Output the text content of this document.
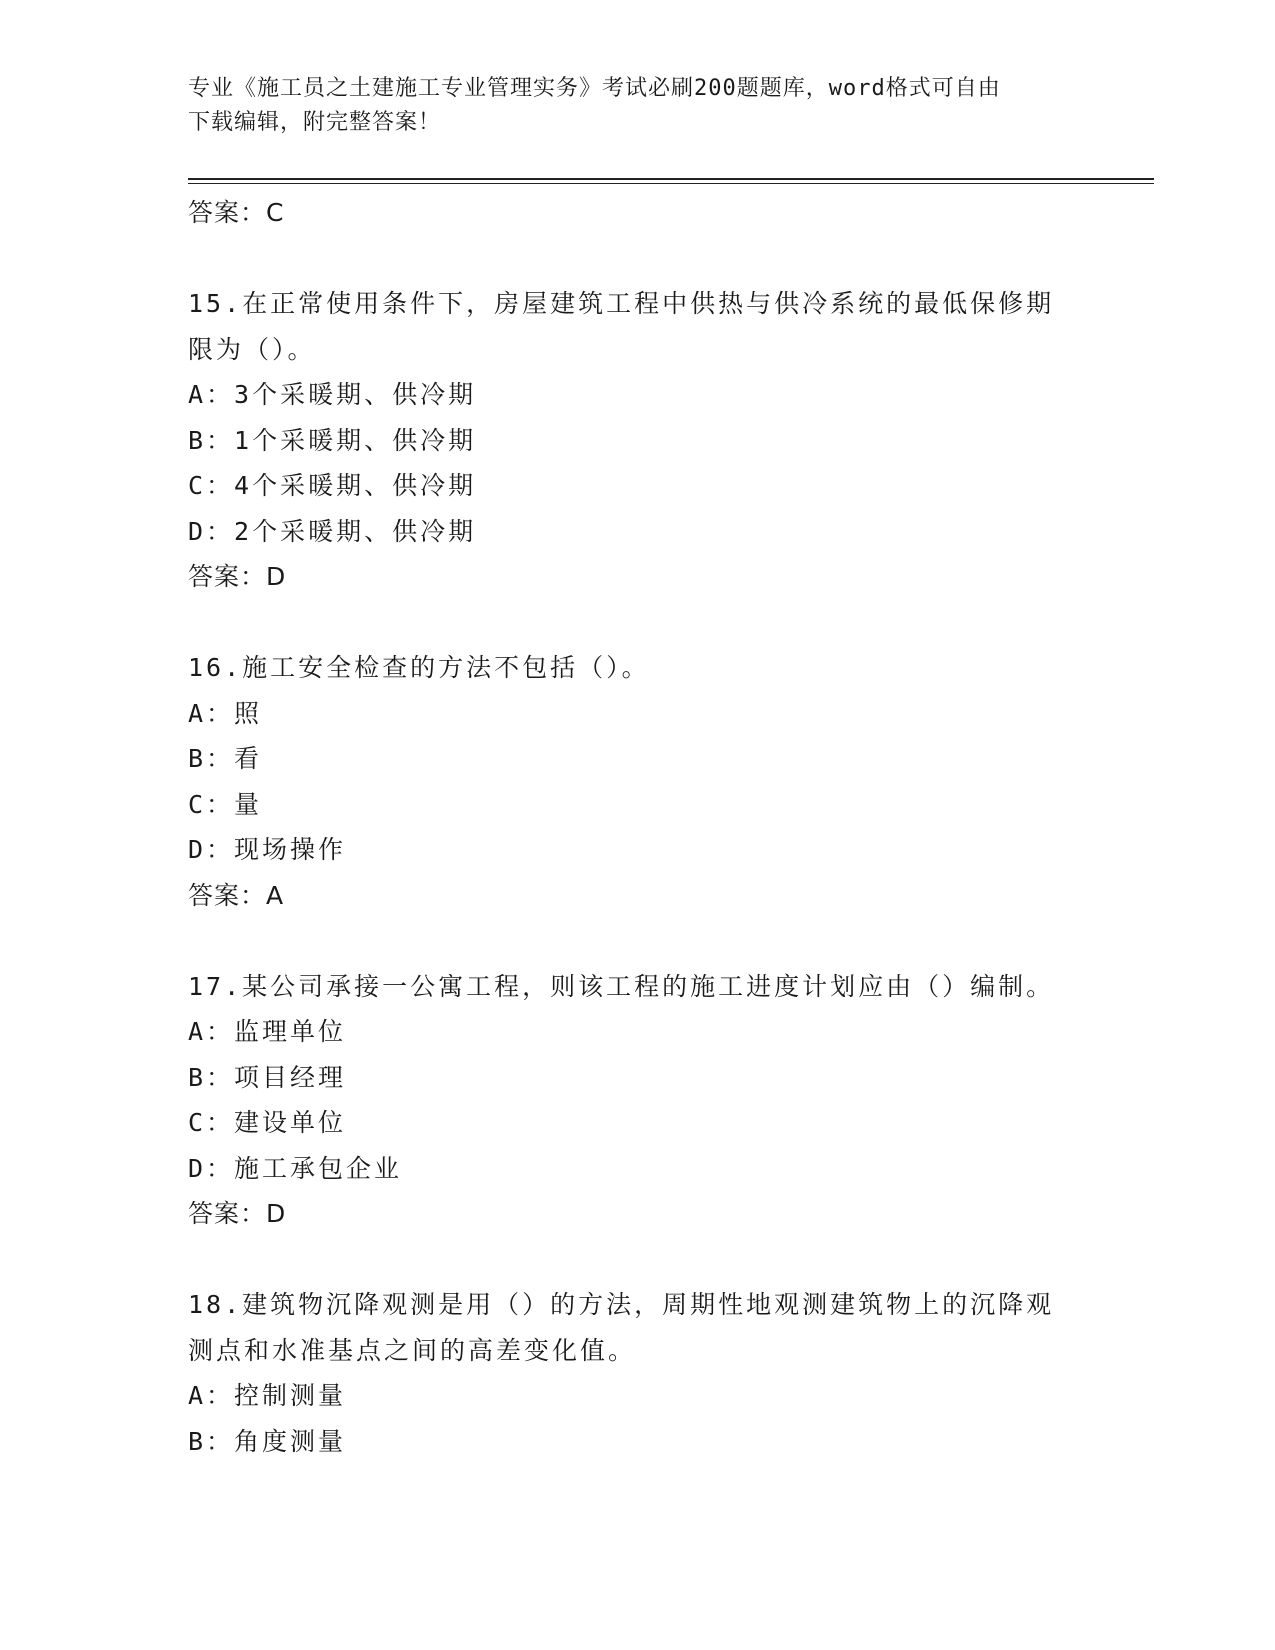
专业《施工员之土建施工专业管理实务》考试必刷200题题库，word格式可自由
下载编辑，附完整答案！
答案：C
15.在正常使用条件下，房屋建筑工程中供热与供冷系统的最低保修期
限为（）。
A：3个采暖期、供冷期
B：1个采暖期、供冷期
C：4个采暖期、供冷期
D：2个采暖期、供冷期
答案：D
16.施工安全检查的方法不包括（）。
A：照
B：看
C：量
D：现场操作
答案：A
17.某公司承接一公寓工程，则该工程的施工进度计划应由（）编制。
A：监理单位
B：项目经理
C：建设单位
D：施工承包企业
答案：D
18.建筑物沉降观测是用（）的方法，周期性地观测建筑物上的沉降观
测点和水准基点之间的高差变化值。
A：控制测量
B：角度测量
